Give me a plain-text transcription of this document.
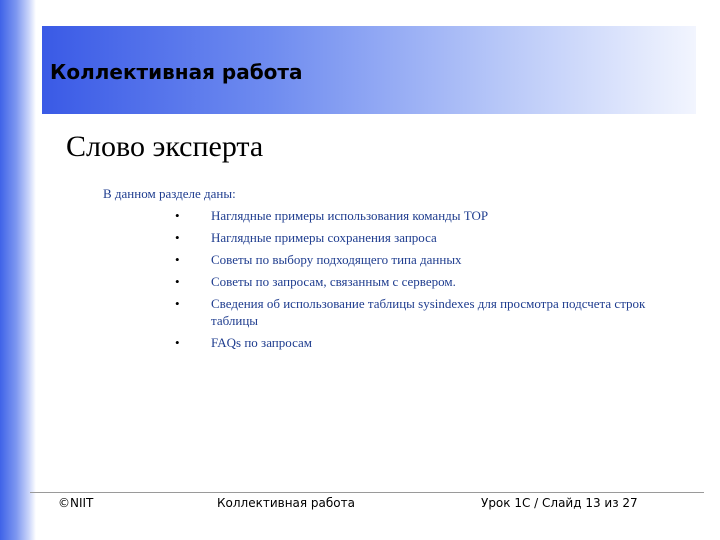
Коллективная работа
Слово эксперта
В данном разделе даны:
• Наглядные примеры использования команды TOP
• Наглядные примеры сохранения запроса
• Советы по выбору подходящего типа данных
• Советы по запросам, связанным с сервером.
• Сведения об использование таблицы sysindexes для просмотра подсчета строк таблицы
• FAQs по запросам
©NIIT	Коллективная работа	Урок 1C / Слайд 13 из 27
